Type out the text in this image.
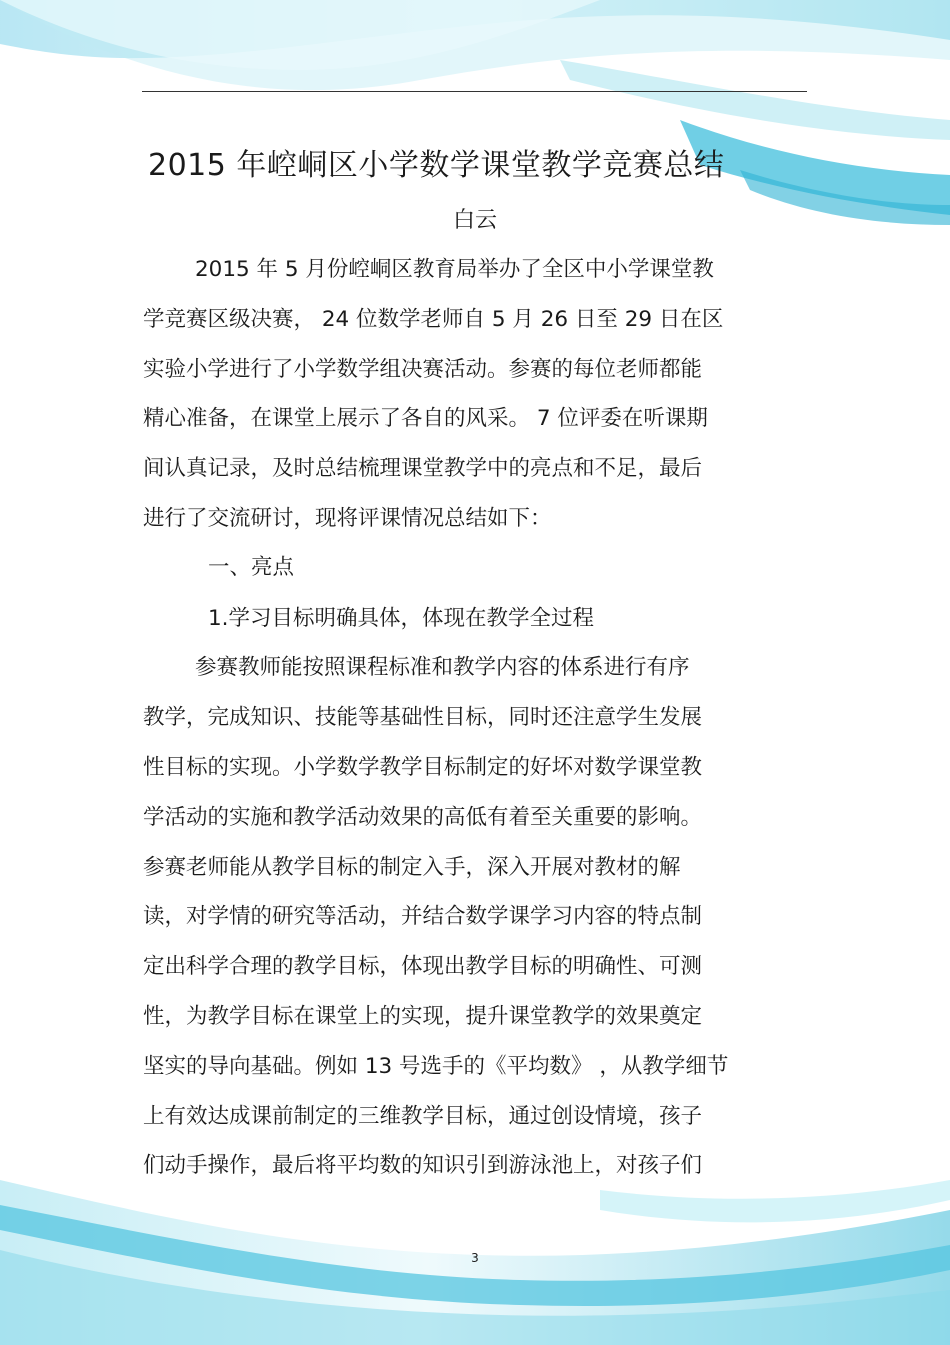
2015 年崆峒区小学数学课堂教学竞赛总结
白云
2015 年 5 月份崆峒区教育局举办了全区中小学课堂教
学竞赛区级决赛， 24 位数学老师自 5 月 26 日至 29 日在区
实验小学进行了小学数学组决赛活动。参赛的每位老师都能
精心准备，在课堂上展示了各自的风采。 7 位评委在听课期
间认真记录，及时总结梳理课堂教学中的亮点和不足，最后
进行了交流研讨，现将评课情况总结如下：
一、亮点
1.学习目标明确具体，体现在教学全过程
参赛教师能按照课程标准和教学内容的体系进行有序
教学，完成知识、技能等基础性目标，同时还注意学生发展
性目标的实现。小学数学教学目标制定的好坏对数学课堂教
学活动的实施和教学活动效果的高低有着至关重要的影响。
参赛老师能从教学目标的制定入手，深入开展对教材的解
读，对学情的研究等活动，并结合数学课学习内容的特点制
定出科学合理的教学目标，体现出教学目标的明确性、可测
性，为教学目标在课堂上的实现，提升课堂教学的效果奠定
坚实的导向基础。例如 13 号选手的《平均数》 ，从教学细节
上有效达成课前制定的三维教学目标，通过创设情境，孩子
们动手操作，最后将平均数的知识引到游泳池上，对孩子们
3
